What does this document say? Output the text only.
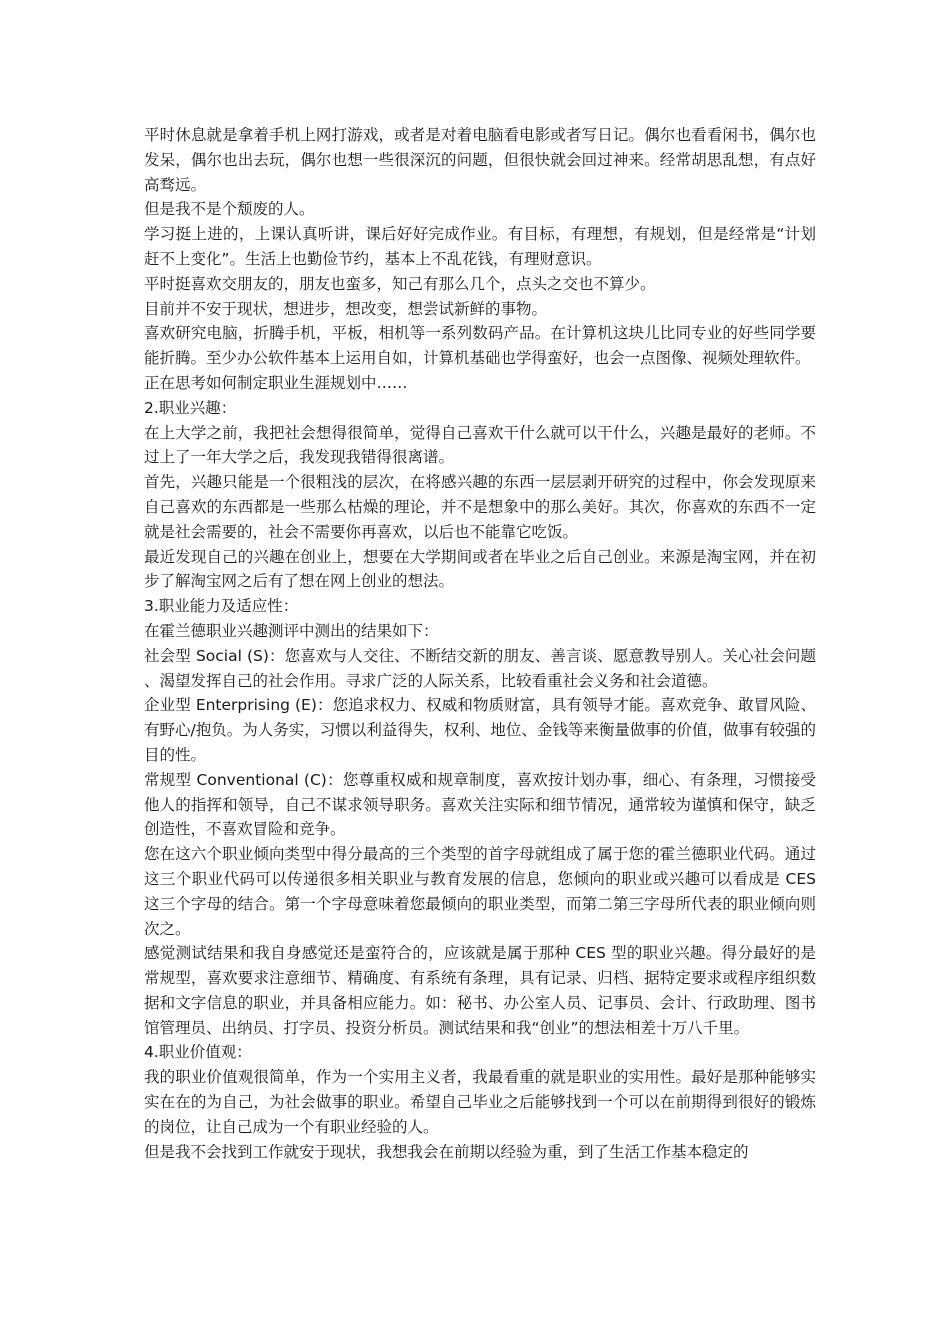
平时休息就是拿着手机上网打游戏，或者是对着电脑看电影或者写日记。偶尔也看看闲书，偶尔也发呆，偶尔也出去玩，偶尔也想一些很深沉的问题，但很快就会回过神来。经常胡思乱想，有点好高骛远。

但是我不是个颓废的人。

学习挺上进的，上课认真听讲，课后好好完成作业。有目标，有理想，有规划，但是经常是“计划赶不上变化”。生活上也勤俭节约，基本上不乱花钱，有理财意识。

平时挺喜欢交朋友的，朋友也蛮多，知己有那么几个，点头之交也不算少。

目前并不安于现状，想进步，想改变，想尝试新鲜的事物。

喜欢研究电脑，折腾手机，平板，相机等一系列数码产品。在计算机这块儿比同专业的好些同学要能折腾。至少办公软件基本上运用自如，计算机基础也学得蛮好，也会一点图像、视频处理软件。

正在思考如何制定职业生涯规划中……

2.职业兴趣：

在上大学之前，我把社会想得很简单，觉得自己喜欢干什么就可以干什么，兴趣是最好的老师。不过上了一年大学之后，我发现我错得很离谱。

首先，兴趣只能是一个很粗浅的层次，在将感兴趣的东西一层层剥开研究的过程中，你会发现原来自己喜欢的东西都是一些那么枯燥的理论，并不是想象中的那么美好。其次，你喜欢的东西不一定就是社会需要的，社会不需要你再喜欢，以后也不能靠它吃饭。

最近发现自己的兴趣在创业上，想要在大学期间或者在毕业之后自己创业。来源是淘宝网，并在初步了解淘宝网之后有了想在网上创业的想法。

3.职业能力及适应性：

在霍兰德职业兴趣测评中测出的结果如下：

社会型 Social (S)：您喜欢与人交往、不断结交新的朋友、善言谈、愿意教导别人。关心社会问题、渴望发挥自己的社会作用。寻求广泛的人际关系，比较看重社会义务和社会道德。

企业型 Enterprising (E)：您追求权力、权威和物质财富，具有领导才能。喜欢竞争、敢冒风险、有野心/抱负。为人务实，习惯以利益得失，权利、地位、金钱等来衡量做事的价值，做事有较强的目的性。

常规型 Conventional (C)：您尊重权威和规章制度，喜欢按计划办事，细心、有条理，习惯接受他人的指挥和领导，自己不谋求领导职务。喜欢关注实际和细节情况，通常较为谨慎和保守，缺乏创造性，不喜欢冒险和竞争。

您在这六个职业倾向类型中得分最高的三个类型的首字母就组成了属于您的霍兰德职业代码。通过这三个职业代码可以传递很多相关职业与教育发展的信息，您倾向的职业或兴趣可以看成是 CES 这三个字母的结合。第一个字母意味着您最倾向的职业类型，而第二第三字母所代表的职业倾向则次之。

感觉测试结果和我自身感觉还是蛮符合的，应该就是属于那种 CES 型的职业兴趣。得分最好的是常规型，喜欢要求注意细节、精确度、有系统有条理，具有记录、归档、据特定要求或程序组织数据和文字信息的职业，并具备相应能力。如：秘书、办公室人员、记事员、会计、行政助理、图书馆管理员、出纳员、打字员、投资分析员。测试结果和我“创业”的想法相差十万八千里。

4.职业价值观：

我的职业价值观很简单，作为一个实用主义者，我最看重的就是职业的实用性。最好是那种能够实实在在的为自己，为社会做事的职业。希望自己毕业之后能够找到一个可以在前期得到很好的锻炼的岗位，让自己成为一个有职业经验的人。

但是我不会找到工作就安于现状，我想我会在前期以经验为重，到了生活工作基本稳定的
